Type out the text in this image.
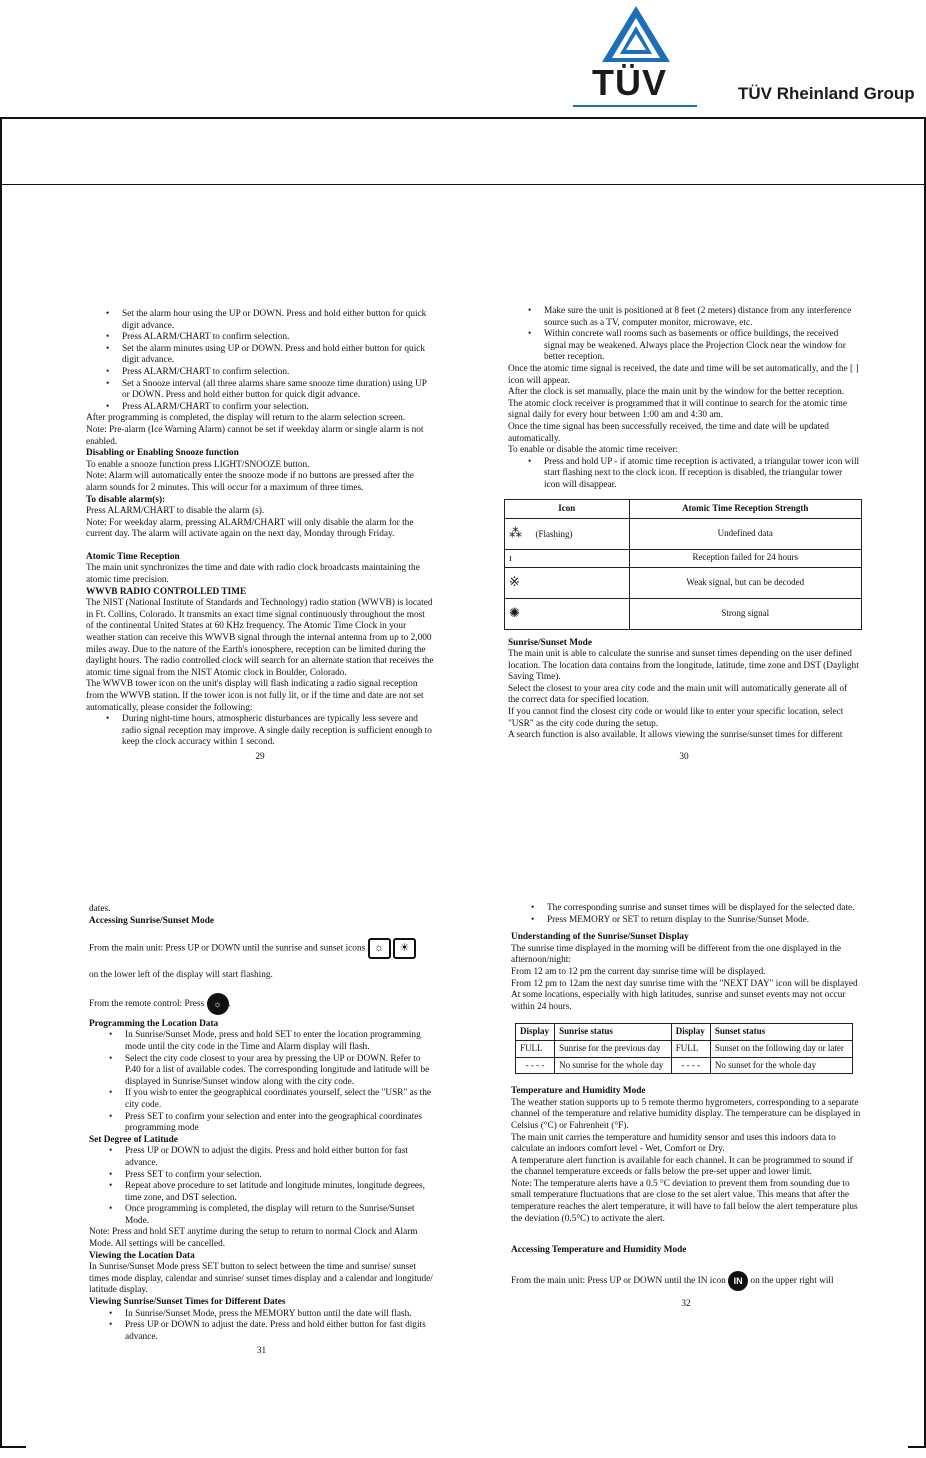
TÜV	TÜV Rheinland Group
• Set the alarm hour using the UP or DOWN. Press and hold either button for quick digit advance.
• Press ALARM/CHART to confirm selection.
• Set the alarm minutes using UP or DOWN. Press and hold either button for quick digit advance.
• Press ALARM/CHART to confirm selection.
• Set a Snooze interval (all three alarms share same snooze time duration) using UP or DOWN. Press and hold either button for quick digit advance.
• Press ALARM/CHART to confirm your selection.

After programming is completed, the display will return to the alarm selection screen.

Note: Pre-alarm (Ice Warning Alarm) cannot be set if weekday alarm or single alarm is not enabled.

Disabling or Enabling Snooze function

To enable a snooze function press LIGHT/SNOOZE button.

Note: Alarm will automatically enter the snooze mode if no buttons are pressed after the alarm sounds for 2 minutes. This will occur for a maximum of three times.

To disable alarm(s):

Press ALARM/CHART to disable the alarm (s).

Note: For weekday alarm, pressing ALARM/CHART will only disable the alarm for the current day. The alarm will activate again on the next day, Monday through Friday.

Atomic Time Reception

The main unit synchronizes the time and date with radio clock broadcasts maintaining the atomic time precision.

WWVB RADIO CONTROLLED TIME

The NIST (National Institute of Standards and Technology) radio station (WWVB) is located in Ft. Collins, Colorado. It transmits an exact time signal continuously throughout the most of the continental United States at 60 KHz frequency. The Atomic Time Clock in your weather station can receive this WWVB signal through the internal antenna from up to 2,000 miles away. Due to the nature of the Earth's ionosphere, reception can be limited during the daylight hours. The radio controlled clock will search for an alternate station that receives the atomic time signal from the NIST Atomic clock in Boulder, Colorado.

The WWVB tower icon on the unit's display will flash indicating a radio signal reception from the WWVB station. If the tower icon is not fully lit, or if the time and date are not set automatically, please consider the following:

• During night-time hours, atmospheric disturbances are typically less severe and radio signal reception may improve. A single daily reception is sufficient enough to keep the clock accuracy within 1 second.

29

• Make sure the unit is positioned at 8 feet (2 meters) distance from any interference source such as a TV, computer monitor, microwave, etc.
• Within concrete wall rooms such as basements or office buildings, the received signal may be weakened. Always place the Projection Clock near the window for better reception.

Once the atomic time signal is received, the date and time will be set automatically, and the [ ] icon will appear.

After the clock is set manually, place the main unit by the window for the better reception. The atomic clock receiver is programmed that it will continue to search for the atomic time signal daily for every hour between 1:00 am and 4:30 am.

Once the time signal has been successfully received, the time and date will be updated automatically.

To enable or disable the atomic time receiver:

• Press and hold UP - if atomic time reception is activated, a triangular tower icon will start flashing next to the clock icon. If reception is disabled, the triangular tower icon will disappear.
Icon	Atomic Time Reception Strength
⁂ (Flashing)	Undefined data
ı	Reception failed for 24 hours
※	Weak signal, but can be decoded
✺	Strong signal

Sunrise/Sunset Mode

The main unit is able to calculate the sunrise and sunset times depending on the user defined location. The location data contains from the longitude, latitude, time zone and DST (Daylight Saving Time).

Select the closest to your area city code and the main unit will automatically generate all of the correct data for specified location.

If you cannot find the closest city code or would like to enter your specific location, select "USR" as the city code during the setup.

A search function is also available. It allows viewing the sunrise/sunset times for different

30

dates.

Accessing Sunrise/Sunset Mode

From the main unit: Press UP or DOWN until the sunrise and sunset icons ☼ ☀

on the lower left of the display will start flashing.

From the remote control: Press ☼ .

Programming the Location Data

• In Sunrise/Sunset Mode, press and hold SET to enter the location programming mode until the city code in the Time and Alarm display will flash.
• Select the city code closest to your area by pressing the UP or DOWN. Refer to P.40 for a list of available codes. The corresponding longitude and latitude will be displayed in Sunrise/Sunset window along with the city code.
• If you wish to enter the geographical coordinates yourself, select the "USR" as the city code.
• Press SET to confirm your selection and enter into the geographical coordinates programming mode

Set Degree of Latitude

• Press UP or DOWN to adjust the digits. Press and hold either button for fast advance.
• Press SET to confirm your selection.
• Repeat above procedure to set latitude and longitude minutes, longitude degrees, time zone, and DST selection.
• Once programming is completed, the display will return to the Sunrise/Sunset Mode.

Note: Press and hold SET anytime during the setup to return to normal Clock and Alarm Mode. All settings will be cancelled.

Viewing the Location Data

In Sunrise/Sunset Mode press SET button to select between the time and sunrise/ sunset times mode display, calendar and sunrise/ sunset times display and a calendar and longitude/ latitude display.

Viewing Sunrise/Sunset Times for Different Dates

• In Sunrise/Sunset Mode, press the MEMORY button until the date will flash.
• Press UP or DOWN to adjust the date. Press and hold either button for fast digits advance.

31

• The corresponding sunrise and sunset times will be displayed for the selected date.
• Press MEMORY or SET to return display to the Sunrise/Sunset Mode.

Understanding of the Sunrise/Sunset Display

The sunrise time displayed in the morning will be different from the one displayed in the afternoon/night:

From 12 am to 12 pm the current day sunrise time will be displayed.

From 12 pm to 12am the next day sunrise time with the "NEXT DAY" icon will be displayed

At some locations, especially with high latitudes, sunrise and sunset events may not occur within 24 hours.

Display	Sunrise status	Display	Sunset status
FULL	Sunrise for the previous day	FULL	Sunset on the following day or later
- - - -	No sunrise for the whole day	- - - -	No sunset for the whole day

Temperature and Humidity Mode

The weather station supports up to 5 remote thermo hygrometers, corresponding to a separate channel of the temperature and relative humidity display. The temperature can be displayed in Celsius (°C) or Fahrenheit (°F).

The main unit carries the temperature and humidity sensor and uses this indoors data to calculate an indoors comfort level - Wet, Comfort or Dry.

A temperature alert function is available for each channel. It can be programmed to sound if the channel temperature exceeds or falls below the pre-set upper and lower limit.

Note: The temperature alerts have a 0.5 °C deviation to prevent them from sounding due to small temperature fluctuations that are close to the set alert value. This means that after the temperature reaches the alert temperature, it will have to fall below the alert temperature plus the deviation (0.5°C) to activate the alert.

Accessing Temperature and Humidity Mode

From the main unit: Press UP or DOWN until the IN icon IN on the upper right will

32
